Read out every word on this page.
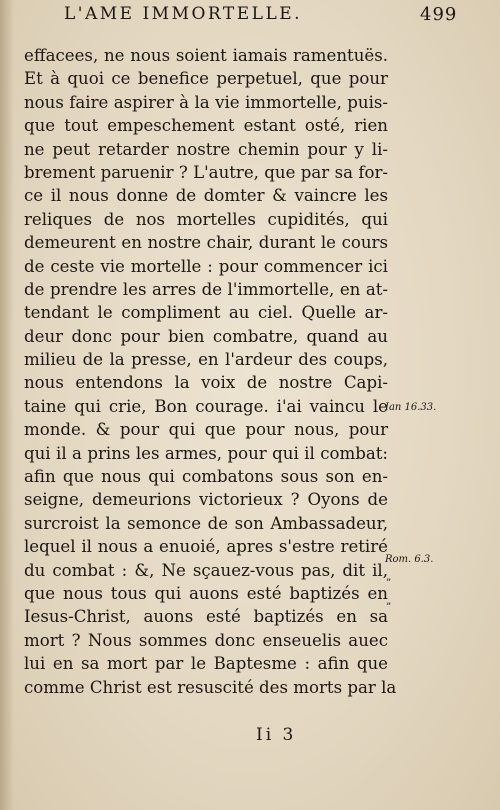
L'AME IMMORTELLE.	499
effacees, ne nous soient iamais ramentuës.
Et à quoi ce benefice perpetuel, que pour
nous faire aspirer à la vie immortelle, puis-
que tout empeschement estant osté, rien
ne peut retarder nostre chemin pour y li-
brement paruenir ? L'autre, que par sa for-
ce il nous donne de domter & vaincre les
reliques de nos mortelles cupidités, qui
demeurent en nostre chair, durant le cours
de ceste vie mortelle : pour commencer ici
de prendre les arres de l'immortelle, en at-
tendant le compliment au ciel. Quelle ar-
deur donc pour bien combatre, quand au
milieu de la presse, en l'ardeur des coups,
nous entendons la voix de nostre Capi-
taine qui crie, Bon courage. i'ai vaincu le
monde. & pour qui que pour nous, pour
qui il a prins les armes, pour qui il combat:
afin que nous qui combatons sous son en-
seigne, demeurions victorieux ? Oyons de
surcroist la semonce de son Ambassadeur,
lequel il nous a enuoié, apres s'estre retiré
du combat : &, Ne sçauez-vous pas, dit il,
que nous tous qui auons esté baptizés en
Iesus-Christ, auons esté baptizés en sa
mort ? Nous sommes donc enseuelis auec
lui en sa mort par le Baptesme : afin que
comme Christ est resuscité des morts par la
Ian 16.33.
Rom. 6.3.
”
”
Ii 3
